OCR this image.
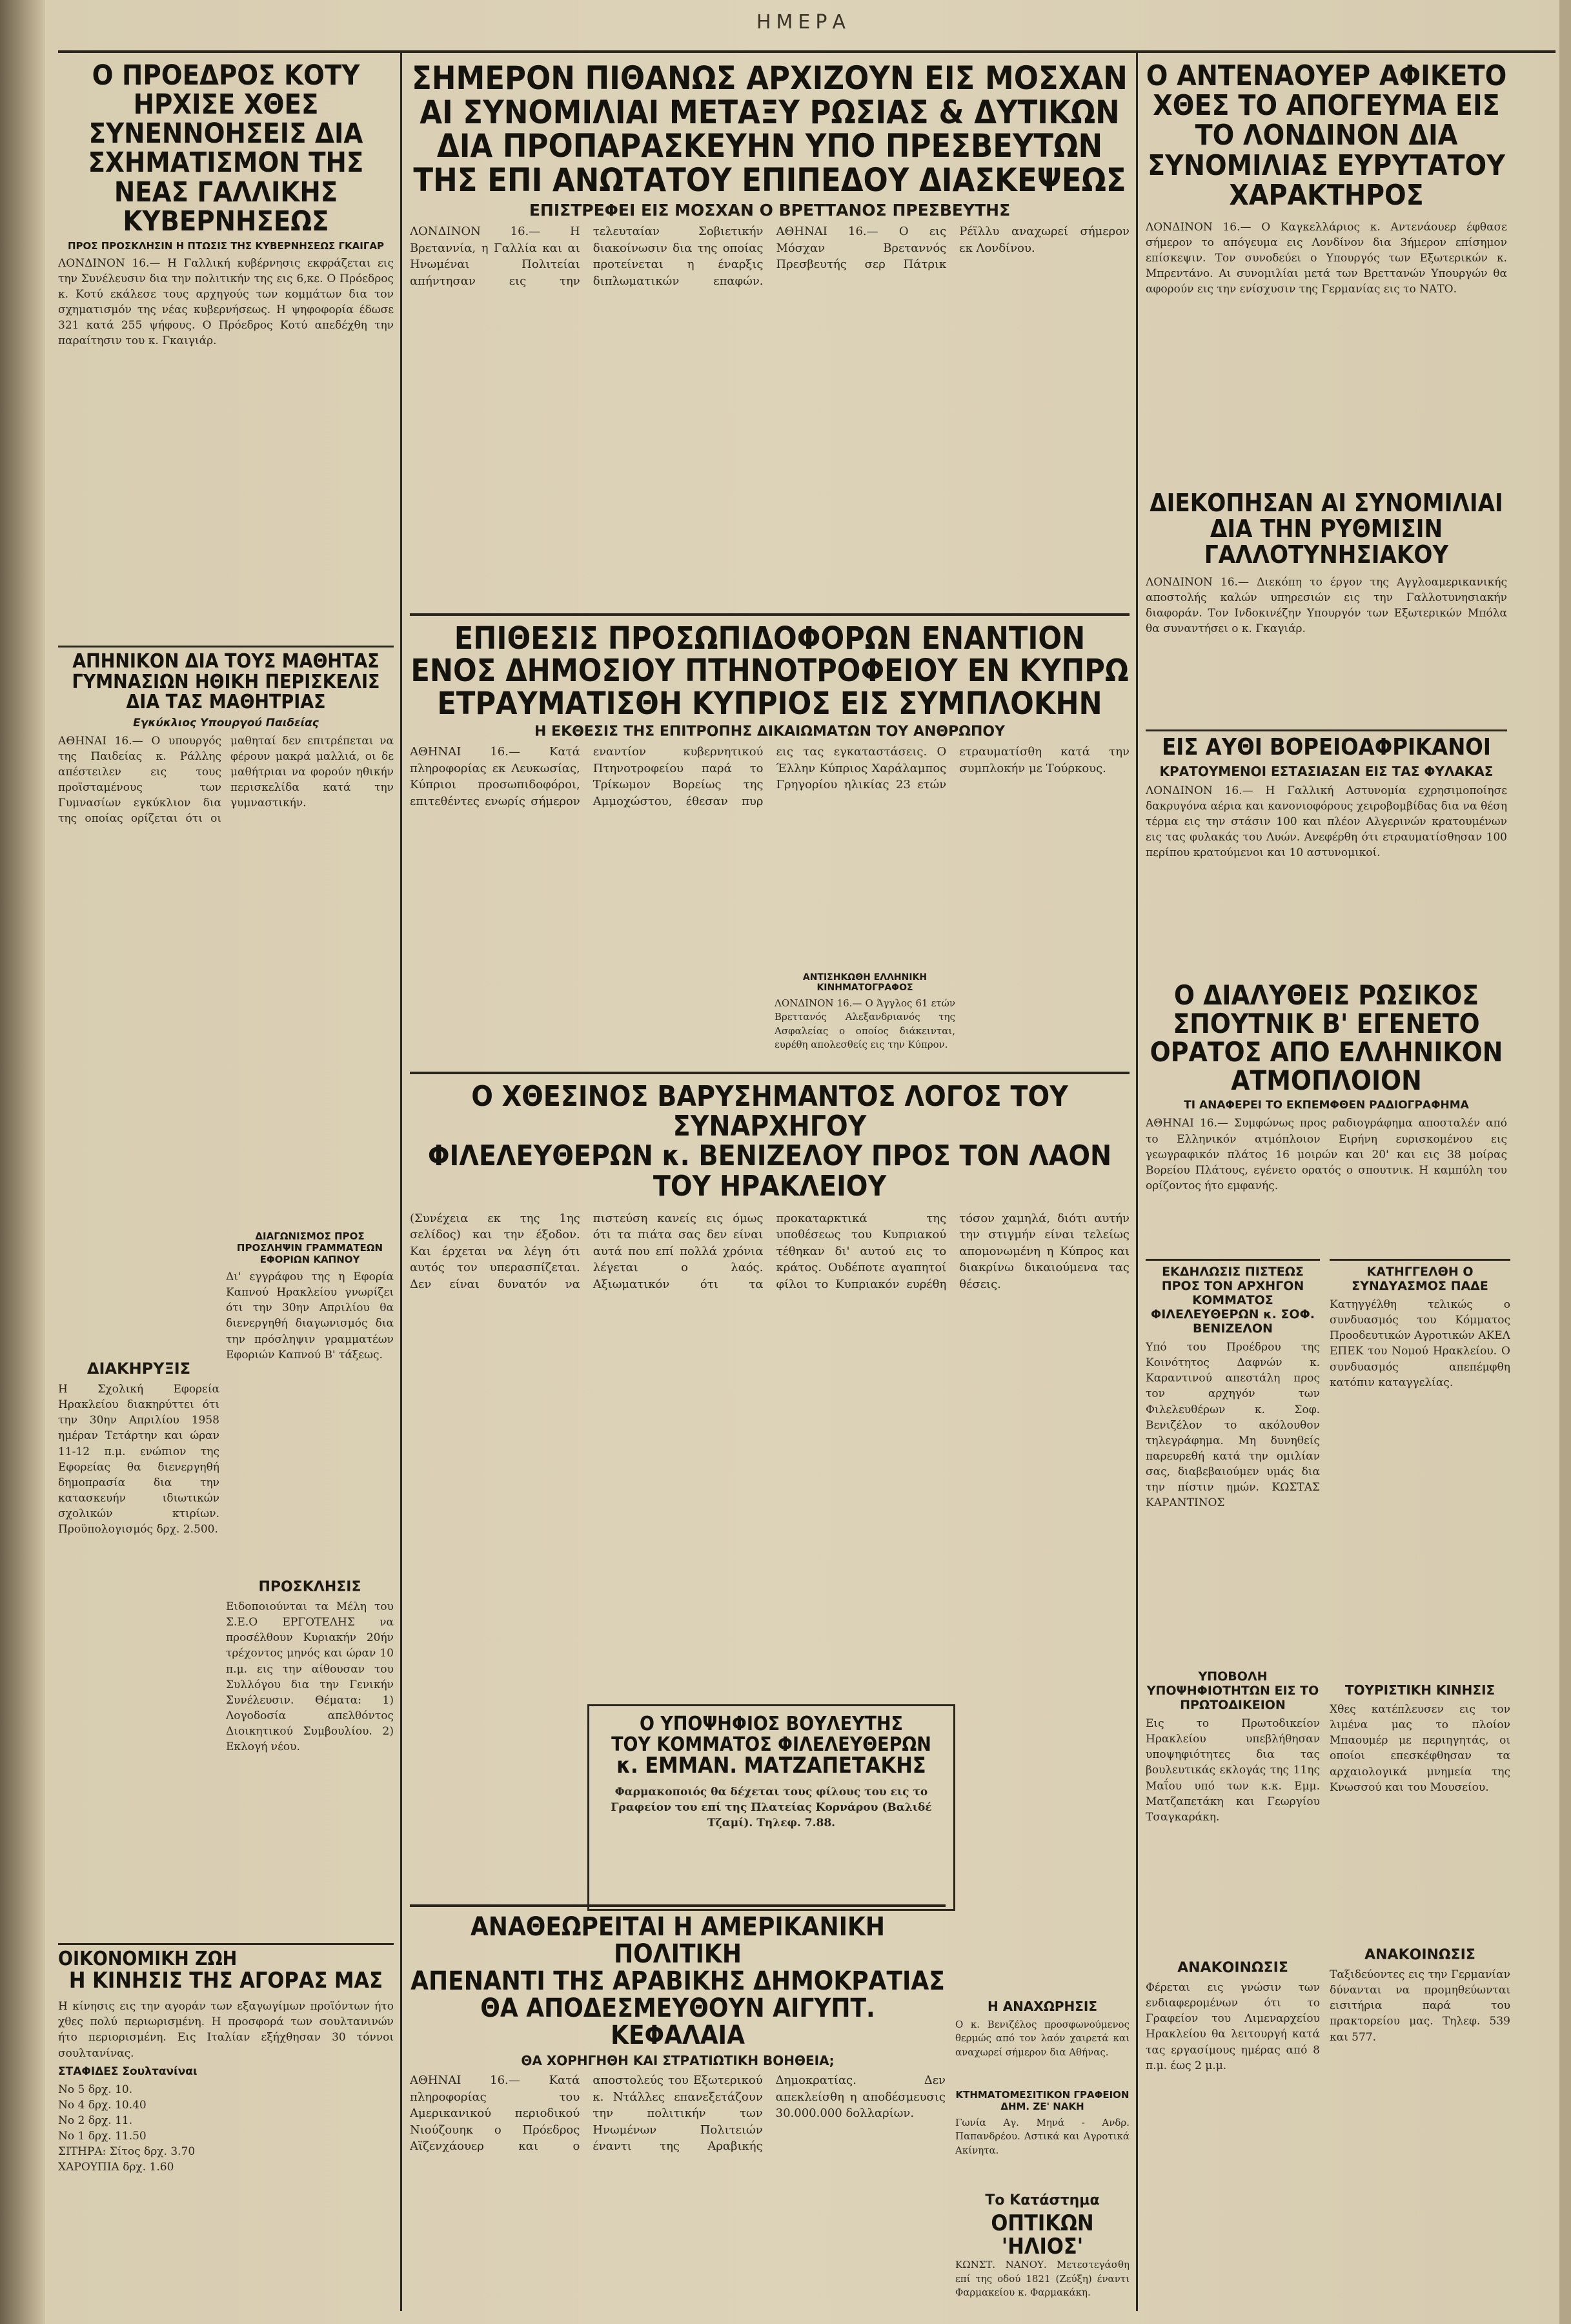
ΗΜΕΡΑ
Ο ΠΡΟΕΔΡΟΣ ΚΟΤΥ ΗΡΧΙΣΕ ΧΘΕΣ ΣΥΝΕΝΝΟΗΣΕΙΣ ΔΙΑ ΣΧΗΜΑΤΙΣΜΟΝ ΤΗΣ ΝΕΑΣ ΓΑΛΛΙΚΗΣ ΚΥΒΕΡΝΗΣΕΩΣ

ΠΡΟΣ ΠΡΟΣΚΛΗΣΙΝ Η ΠΤΩΣΙΣ ΤΗΣ ΚΥΒΕΡΝΗΣΕΩΣ ΓΚΑΙΓΑΡ

ΛΟΝΔΙΝΟΝ 16.— Η Γαλλική κυβέρνησις εκφράζεται εις την Συνέλευσιν δια την πολιτικήν της εις 6,κε. Ο Πρόεδρος κ. Κοτύ εκάλεσε τους αρχηγούς των κομμάτων δια τον σχηματισμόν της νέας κυβερνήσεως. Η ψηφοφορία έδωσε 321 κατά 255 ψήφους. Ο Πρόεδρος Κοτύ απεδέχθη την παραίτησιν του κ. Γκαιγιάρ.

ΣΗΜΕΡΟΝ ΠΙΘΑΝΩΣ ΑΡΧΙΖΟΥΝ ΕΙΣ ΜΟΣΧΑΝ ΑΙ ΣΥΝΟΜΙΛΙΑΙ ΜΕΤΑΞΥ ΡΩΣΙΑΣ & ΔΥΤΙΚΩΝ ΔΙΑ ΠΡΟΠΑΡΑΣΚΕΥΗΝ ΥΠΟ ΠΡΕΣΒΕΥΤΩΝ ΤΗΣ ΕΠΙ ΑΝΩΤΑΤΟΥ ΕΠΙΠΕΔΟΥ ΔΙΑΣΚΕΨΕΩΣ

ΕΠΙΣΤΡΕΦΕΙ ΕΙΣ ΜΟΣΧΑΝ Ο ΒΡΕΤΤΑΝΟΣ ΠΡΕΣΒΕΥΤΗΣ

ΛΟΝΔΙΝΟΝ 16.— Η Βρεταννία, η Γαλλία και αι Ηνωμέναι Πολιτείαι απήντησαν εις την τελευταίαν Σοβιετικήν διακοίνωσιν δια της οποίας προτείνεται η έναρξις διπλωματικών επαφών. ΑΘΗΝΑΙ 16.— Ο εις Μόσχαν Βρεταννός Πρεσβευτής σερ Πάτρικ Ρέϊλλυ αναχωρεί σήμερον εκ Λονδίνου.

Ο ΑΝΤΕΝΑΟΥΕΡ ΑΦΙΚΕΤΟ ΧΘΕΣ ΤΟ ΑΠΟΓΕΥΜΑ ΕΙΣ ΤΟ ΛΟΝΔΙΝΟΝ ΔΙΑ ΣΥΝΟΜΙΛΙΑΣ ΕΥΡΥΤΑΤΟΥ ΧΑΡΑΚΤΗΡΟΣ

ΛΟΝΔΙΝΟΝ 16.— Ο Καγκελλάριος κ. Αντενάουερ έφθασε σήμερον το απόγευμα εις Λονδίνον δια 3ήμερον επίσημον επίσκεψιν. Τον συνοδεύει ο Υπουργός των Εξωτερικών κ. Μπρεντάνο. Αι συνομιλίαι μετά των Βρεττανών Υπουργών θα αφορούν εις την ενίσχυσιν της Γερμανίας εις το ΝΑΤΟ.

ΔΙΕΚΟΠΗΣΑΝ ΑΙ ΣΥΝΟΜΙΛΙΑΙ ΔΙΑ ΤΗΝ ΡΥΘΜΙΣΙΝ ΓΑΛΛΟΤΥΝΗΣΙΑΚΟΥ

ΛΟΝΔΙΝΟΝ 16.— Διεκόπη το έργον της Αγγλοαμερικανικής αποστολής καλών υπηρεσιών εις την Γαλλοτυνησιακήν διαφοράν. Τον Ινδοκινέζην Υπουργόν των Εξωτερικών Μπόλα θα συναντήσει ο κ. Γκαγιάρ.

ΕΙΣ ΑΥΘΙ ΒΟΡΕΙΟΑΦΡΙΚΑΝΟΙ

ΚΡΑΤΟΥΜΕΝΟΙ ΕΣΤΑΣΙΑΣΑΝ ΕΙΣ ΤΑΣ ΦΥΛΑΚΑΣ

ΛΟΝΔΙΝΟΝ 16.— Η Γαλλική Αστυνομία εχρησιμοποίησε δακρυγόνα αέρια και κανονιοφόρους χειροβομβίδας δια να θέση τέρμα εις την στάσιν 100 και πλέον Αλγερινών κρατουμένων εις τας φυλακάς του Λυών. Ανεφέρθη ότι ετραυματίσθησαν 100 περίπου κρατούμενοι και 10 αστυνομικοί.

Ο ΔΙΑΛΥΘΕΙΣ ΡΩΣΙΚΟΣ ΣΠΟΥΤΝΙΚ Β' ΕΓΕΝΕΤΟ ΟΡΑΤΟΣ ΑΠΟ ΕΛΛΗΝΙΚΟΝ ΑΤΜΟΠΛΟΙΟΝ

ΤΙ ΑΝΑΦΕΡΕΙ ΤΟ ΕΚΠΕΜΦΘΕΝ ΡΑΔΙΟΓΡΑΦΗΜΑ

ΑΘΗΝΑΙ 16.— Συμφώνως προς ραδιογράφημα αποσταλέν από το Ελληνικόν ατμόπλοιον Ειρήνη ευρισκομένου εις γεωγραφικόν πλάτος 16 μοιρών και 20' και εις 38 μοίρας Βορείου Πλάτους, εγένετο ορατός ο σπουτνικ. Η καμπύλη του ορίζοντος ήτο εμφανής.

ΕΠΙΘΕΣΙΣ ΠΡΟΣΩΠΙΔΟΦΟΡΩΝ ΕΝΑΝΤΙΟΝ
ΕΝΟΣ ΔΗΜΟΣΙΟΥ ΠΤΗΝΟΤΡΟΦΕΙΟΥ ΕΝ ΚΥΠΡΩ
ΕΤΡΑΥΜΑΤΙΣΘΗ ΚΥΠΡΙΟΣ ΕΙΣ ΣΥΜΠΛΟΚΗΝ

Η ΕΚΘΕΣΙΣ ΤΗΣ ΕΠΙΤΡΟΠΗΣ ΔΙΚΑΙΩΜΑΤΩΝ ΤΟΥ ΑΝΘΡΩΠΟΥ

ΑΘΗΝΑΙ 16.— Κατά πληροφορίας εκ Λευκωσίας, Κύπριοι προσωπιδοφόροι, επιτεθέντες ενωρίς σήμερον εναντίον κυβερνητικού Πτηνοτροφείου παρά το Τρίκωμον Βορείως της Αμμοχώστου, έθεσαν πυρ εις τας εγκαταστάσεις. Ο Έλλην Κύπριος Χαράλαμπος Γρηγορίου ηλικίας 23 ετών ετραυματίσθη κατά την συμπλοκήν με Τούρκους.

ΑΝΤΙΣΗΚΩΘΗ ΕΛΛΗΝΙΚΗ ΚΙΝΗΜΑΤΟΓΡΑΦΟΣ

ΛΟΝΔΙΝΟΝ 16.— Ο Άγγλος 61 ετών Βρεττανός Αλεξανδριανός της Ασφαλείας ο οποίος διάκεινται, ευρέθη απολεσθείς εις την Κύπρον.

Ο ΧΘΕΣΙΝΟΣ ΒΑΡΥΣΗΜΑΝΤΟΣ ΛΟΓΟΣ ΤΟΥ ΣΥΝΑΡΧΗΓΟΥ
ΦΙΛΕΛΕΥΘΕΡΩΝ κ. ΒΕΝΙΖΕΛΟΥ ΠΡΟΣ ΤΟΝ ΛΑΟΝ ΤΟΥ ΗΡΑΚΛΕΙΟΥ

(Συνέχεια εκ της 1ης σελίδος) και την έξοδον. Και έρχεται να λέγη ότι αυτός τον υπερασπίζεται. Δεν είναι δυνατόν να πιστεύση κανείς εις όμως ότι τα πιάτα σας δεν είναι αυτά που επί πολλά χρόνια λέγεται ο λαός. Αξιωματικόν ότι τα προκαταρκτικά της υποθέσεως του Κυπριακού τέθηκαν δι' αυτού εις το κράτος. Ουδέποτε αγαπητοί φίλοι το Κυπριακόν ευρέθη τόσον χαμηλά, διότι αυτήν την στιγμήν είναι τελείως απομονωμένη η Κύπρος και διακρίνω δικαιούμενα τας θέσεις.

Ο ΥΠΟΨΗΦΙΟΣ ΒΟΥΛΕΥΤΗΣ

ΤΟΥ ΚΟΜΜΑΤΟΣ ΦΙΛΕΛΕΥΘΕΡΩΝ

κ. ΕΜΜΑΝ. ΜΑΤΖΑΠΕΤΑΚΗΣ

Φαρμακοποιός θα δέχεται τους φίλους του εις το Γραφείον του επί της Πλατείας Κορνάρου (Βαλιδέ Τζαμί). Τηλεφ. 7.88.

Η ΑΝΑΧΩΡΗΣΙΣ

Ο κ. Βενιζέλος προσφωνούμενος θερμώς από τον λαόν χαιρετά και αναχωρεί σήμερον δια Αθήνας.

ΑΝΑΘΕΩΡΕΙΤΑΙ Η ΑΜΕΡΙΚΑΝΙΚΗ ΠΟΛΙΤΙΚΗ
ΑΠΕΝΑΝΤΙ ΤΗΣ ΑΡΑΒΙΚΗΣ ΔΗΜΟΚΡΑΤΙΑΣ
ΘΑ ΑΠΟΔΕΣΜΕΥΘΟΥΝ ΑΙΓΥΠΤ. ΚΕΦΑΛΑΙΑ

ΘΑ ΧΟΡΗΓΗΘΗ ΚΑΙ ΣΤΡΑΤΙΩΤΙΚΗ ΒΟΗΘΕΙΑ;

ΑΘΗΝΑΙ 16.— Κατά πληροφορίας του Αμερικανικού περιοδικού Νιούζουηκ ο Πρόεδρος Αϊζενχάουερ και ο αποστολεύς του Εξωτερικού κ. Ντάλλες επανεξετάζουν την πολιτικήν των Ηνωμένων Πολιτειών έναντι της Αραβικής Δημοκρατίας. Δεν απεκλείσθη η αποδέσμευσις 30.000.000 δολλαρίων.

ΚΤΗΜΑΤΟΜΕΣΙΤΙΚΟΝ ΓΡΑΦΕΙΟΝ ΔΗΜ. ΖΕ' ΝΑΚΗ

Γωνία Αγ. Μηνά - Ανδρ. Παπανδρέου. Αστικά και Αγροτικά Ακίνητα.

Το Κατάστημα

ΟΠΤΙΚΩΝ 'ΗΛΙΟΣ'

ΚΩΝΣΤ. ΝΑΝΟΥ. Μετεστεγάσθη επί της οδού 1821 (Ζεύξη) έναντι Φαρμακείου κ. Φαρμακάκη.

ΑΠΗΝΙΚΟΝ ΔΙΑ ΤΟΥΣ ΜΑΘΗΤΑΣ ΓΥΜΝΑΣΙΩΝ ΗΘΙΚΗ ΠΕΡΙΣΚΕΛΙΣ ΔΙΑ ΤΑΣ ΜΑΘΗΤΡΙΑΣ

Εγκύκλιος Υπουργού Παιδείας

ΑΘΗΝΑΙ 16.— Ο υπουργός της Παιδείας κ. Ράλλης απέστειλεν εις τους προϊσταμένους των Γυμνασίων εγκύκλιον δια της οποίας ορίζεται ότι οι μαθηταί δεν επιτρέπεται να φέρουν μακρά μαλλιά, οι δε μαθήτριαι να φορούν ηθικήν περισκελίδα κατά την γυμναστικήν.

ΔΙΑΚΗΡΥΞΙΣ

Η Σχολική Εφορεία Ηρακλείου διακηρύττει ότι την 30ην Απριλίου 1958 ημέραν Τετάρτην και ώραν 11-12 π.μ. ενώπιον της Εφορείας θα διενεργηθή δημοπρασία δια την κατασκευήν ιδιωτικών σχολικών κτιρίων. Προϋπολογισμός δρχ. 2.500.

ΔΙΑΓΩΝΙΣΜΟΣ ΠΡΟΣ ΠΡΟΣΛΗΨΙΝ ΓΡΑΜΜΑΤΕΩΝ ΕΦΟΡΙΩΝ ΚΑΠΝΟΥ

Δι' εγγράφου της η Εφορία Καπνού Ηρακλείου γνωρίζει ότι την 30ην Απριλίου θα διενεργηθή διαγωνισμός δια την πρόσληψιν γραμματέων Εφοριών Καπνού Β' τάξεως.

ΠΡΟΣΚΛΗΣΙΣ

Ειδοποιούνται τα Μέλη του Σ.Ε.Ο ΕΡΓΟΤΕΛΗΣ να προσέλθουν Κυριακήν 20ήν τρέχοντος μηνός και ώραν 10 π.μ. εις την αίθουσαν του Συλλόγου δια την Γενικήν Συνέλευσιν. Θέματα: 1) Λογοδοσία απελθόντος Διοικητικού Συμβουλίου. 2) Εκλογή νέου.

ΟΙΚΟΝΟΜΙΚΗ ΖΩΗ

Η ΚΙΝΗΣΙΣ ΤΗΣ ΑΓΟΡΑΣ ΜΑΣ

Η κίνησις εις την αγοράν των εξαγωγίμων προϊόντων ήτο χθες πολύ περιωρισμένη. Η προσφορά των σουλτανινών ήτο περιορισμένη. Εις Ιταλίαν εξήχθησαν 30 τόννοι σουλτανίνας.

ΣΤΑΦΙΔΕΣ Σουλτανίναι

Νο 5 δρχ. 10.
Νο 4 δρχ. 10.40
Νο 2 δρχ. 11.
Νο 1 δρχ. 11.50
ΣΙΤΗΡΑ: Σίτος δρχ. 3.70
ΧΑΡΟΥΠΙΑ δρχ. 1.60

ΕΚΔΗΛΩΣΙΣ ΠΙΣΤΕΩΣ ΠΡΟΣ ΤΟΝ ΑΡΧΗΓΟΝ ΚΟΜΜΑΤΟΣ ΦΙΛΕΛΕΥΘΕΡΩΝ κ. ΣΟΦ. ΒΕΝΙΖΕΛΟΝ

Υπό του Προέδρου της Κοινότητος Δαφνών κ. Καραντινού απεστάλη προς τον αρχηγόν των Φιλελευθέρων κ. Σοφ. Βενιζέλον το ακόλουθον τηλεγράφημα. Μη δυνηθείς παρευρεθή κατά την ομιλίαν σας, διαβεβαιούμεν υμάς δια την πίστιν ημών. ΚΩΣΤΑΣ ΚΑΡΑΝΤΙΝΟΣ

ΚΑΤΗΓΓΕΛΘΗ Ο ΣΥΝΔΥΑΣΜΟΣ ΠΑΔΕ

Κατηγγέλθη τελικώς ο συνδυασμός του Κόμματος Προοδευτικών Αγροτικών ΑΚΕΛ ΕΠΕΚ του Νομού Ηρακλείου. Ο συνδυασμός απεπέμφθη κατόπιν καταγγελίας.

ΥΠΟΒΟΛΗ ΥΠΟΨΗΦΙΟΤΗΤΩΝ ΕΙΣ ΤΟ ΠΡΩΤΟΔΙΚΕΙΟΝ

Εις το Πρωτοδικείον Ηρακλείου υπεβλήθησαν υποψηφιότητες δια τας βουλευτικάς εκλογάς της 11ης Μαΐου υπό των κ.κ. Εμμ. Ματζαπετάκη και Γεωργίου Τσαγκαράκη.

ΤΟΥΡΙΣΤΙΚΗ ΚΙΝΗΣΙΣ

Χθες κατέπλευσεν εις τον λιμένα μας το πλοίον Μπαουμέρ με περιηγητάς, οι οποίοι επεσκέφθησαν τα αρχαιολογικά μνημεία της Κνωσσού και του Μουσείου.

ΑΝΑΚΟΙΝΩΣΙΣ

Φέρεται εις γνώσιν των ενδιαφερομένων ότι το Γραφείον του Λιμεναρχείου Ηρακλείου θα λειτουργή κατά τας εργασίμους ημέρας από 8 π.μ. έως 2 μ.μ.

ΑΝΑΚΟΙΝΩΣΙΣ

Ταξιδεύοντες εις την Γερμανίαν δύνανται να προμηθεύωνται εισιτήρια παρά του πρακτορείου μας. Τηλεφ. 539 και 577.
